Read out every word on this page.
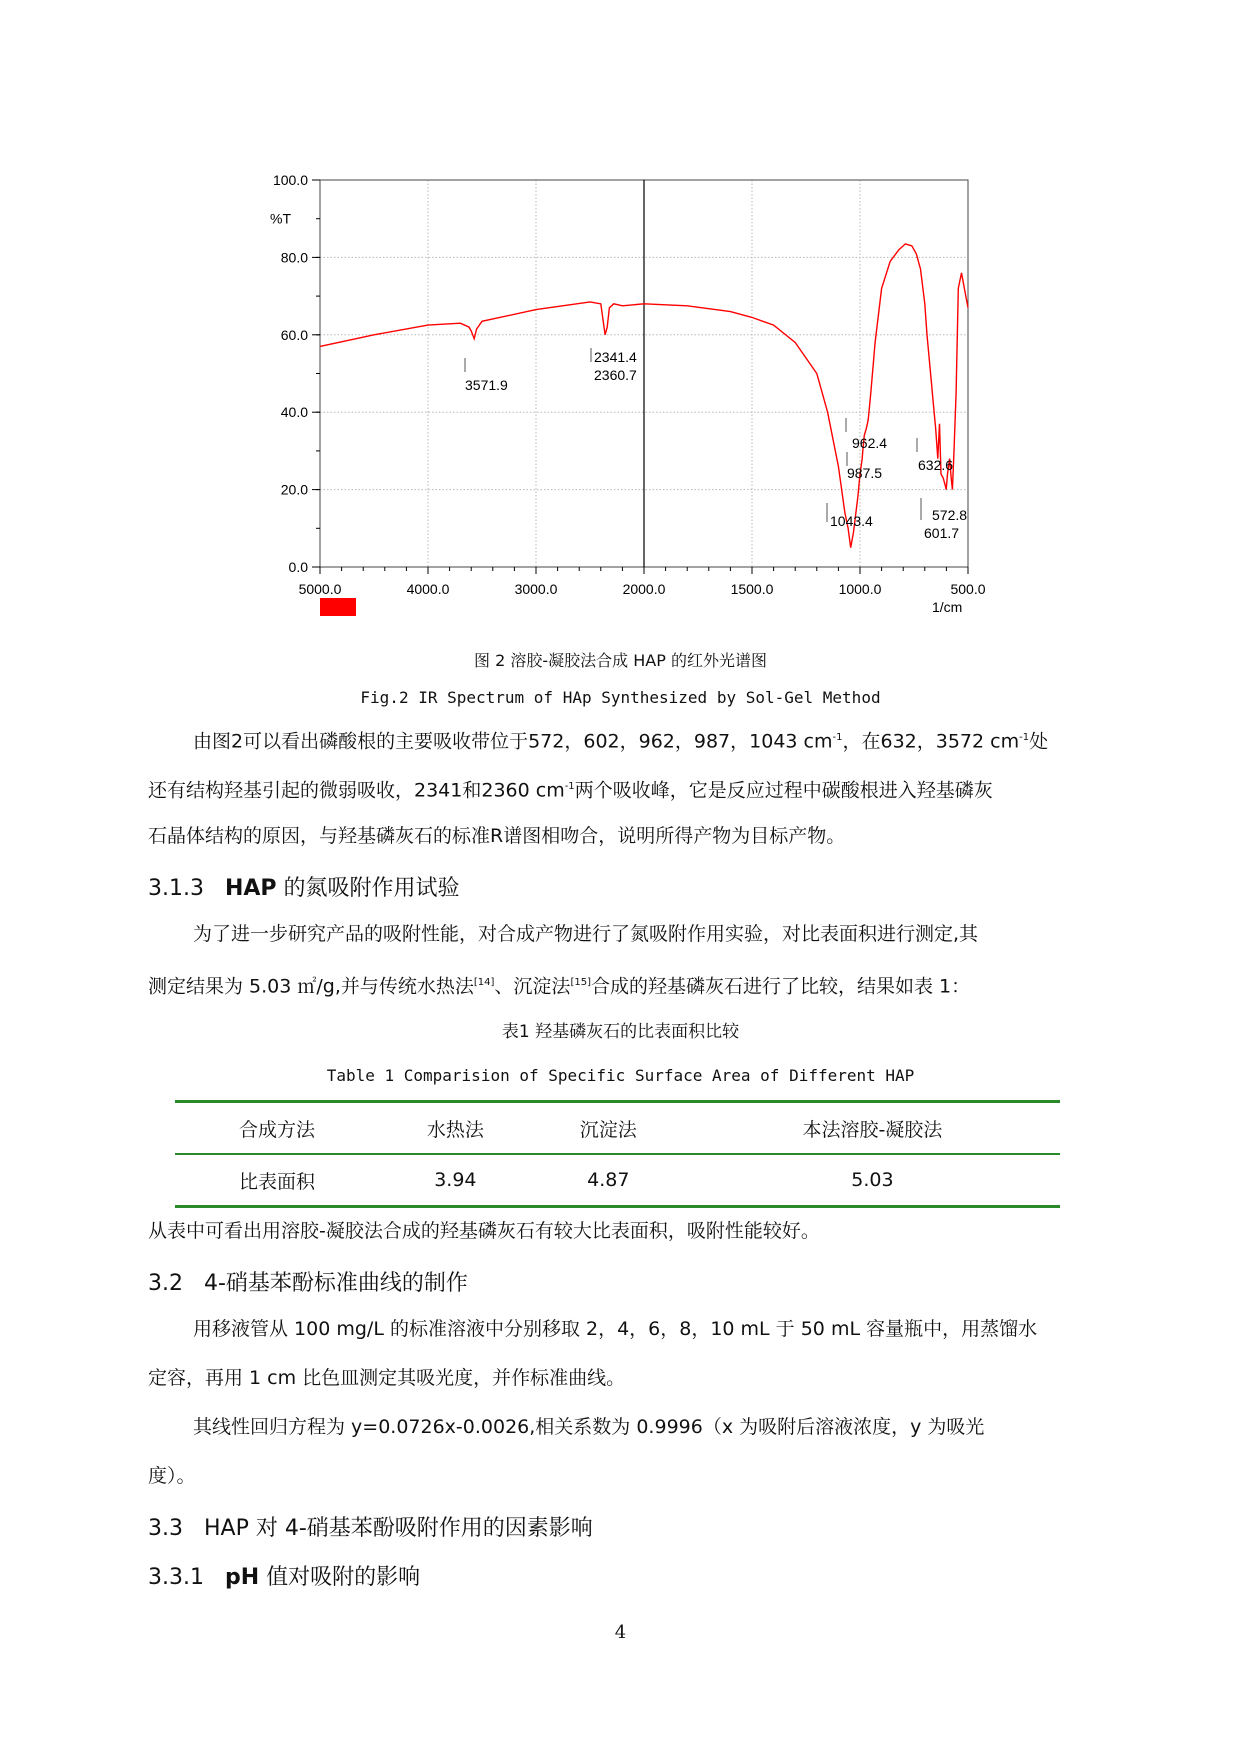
0.0
20.0
40.0
60.0
80.0
100.0
5000.0	4000.0	3000.0	2000.0	1500.0	1000.0	500.0
%T
1/cm
3571.9
2341.4
2360.7
962.4
987.5
1043.4
632.6
572.8
601.7
图 2 溶胶-凝胶法合成 HAP 的红外光谱图
Fig.2 IR Spectrum of HAp Synthesized by Sol-Gel Method
由图2可以看出磷酸根的主要吸收带位于572，602，962，987，1043 $cm^{-1}$，在632，3572 $cm^{-1}$处
还有结构羟基引起的微弱吸收，2341和2360 $cm^{-1}$两个吸收峰，它是反应过程中碳酸根进入羟基磷灰
石晶体结构的原因，与羟基磷灰石的标准R谱图相吻合，说明所得产物为目标产物。
3.1.3 HAP 的氮吸附作用试验
为了进一步研究产品的吸附性能，对合成产物进行了氮吸附作用实验，对比表面积进行测定,其
测定结果为 5.03 ㎡/g,并与传统水热法[14]、沉淀法[15]合成的羟基磷灰石进行了比较，结果如表 1：
表1 羟基磷灰石的比表面积比较
Table 1 Comparision of Specific Surface Area of Different HAP
合成方法	水热法	沉淀法	本法溶胶-凝胶法
比表面积	3.94	4.87	5.03
从表中可看出用溶胶-凝胶法合成的羟基磷灰石有较大比表面积，吸附性能较好。
3.2 4-硝基苯酚标准曲线的制作
用移液管从 100 mg/L 的标准溶液中分别移取 2，4，6，8，10 mL 于 50 mL 容量瓶中，用蒸馏水
定容，再用 1 cm 比色皿测定其吸光度，并作标准曲线。
其线性回归方程为 y=0.0726x-0.0026,相关系数为 0.9996（x 为吸附后溶液浓度，y 为吸光
度）。
3.3 HAP 对 4-硝基苯酚吸附作用的因素影响
3.3.1 pH 值对吸附的影响
4
